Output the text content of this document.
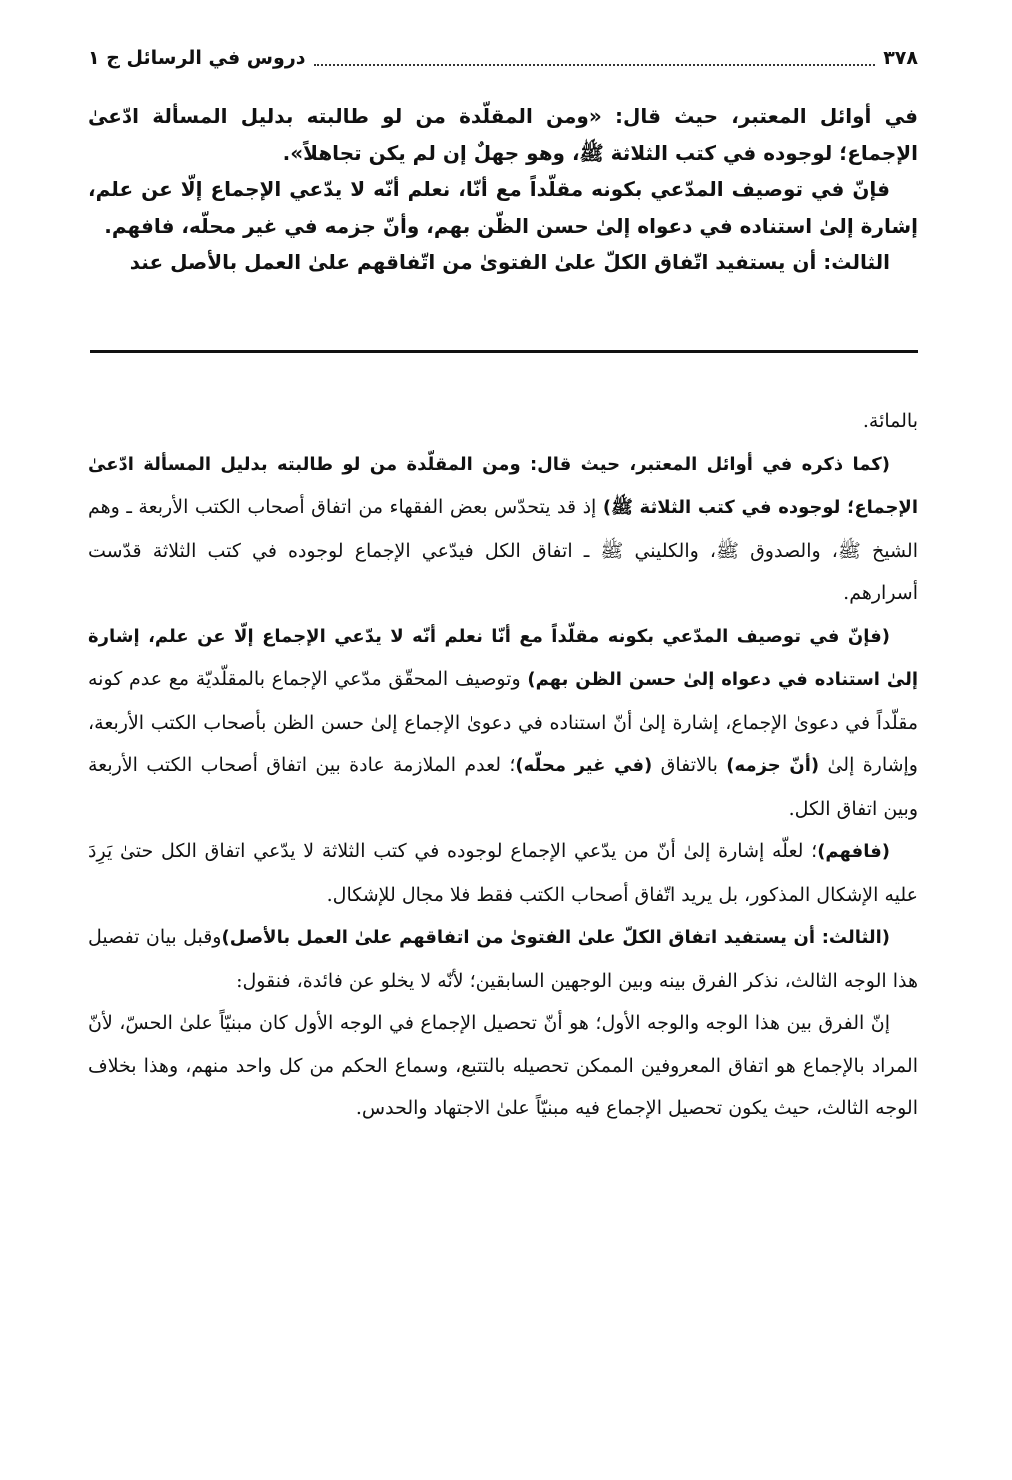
٣٧٨
دروس في الرسائل ج ١

في أوائل المعتبر، حيث قال: «ومن المقلّدة من لو طالبته بدليل المسألة ادّعىٰ الإجماع؛ لوجوده في كتب الثلاثة ﷺ، وهو جهلٌ إن لم يكن تجاهلاً».

فإنّ في توصيف المدّعي بكونه مقلّداً مع أنّا، نعلم أنّه لا يدّعي الإجماع إلّا عن علم، إشارة إلىٰ استناده في دعواه إلىٰ حسن الظّن بهم، وأنّ جزمه في غير محلّه، فافهم.

الثالث: أن يستفيد اتّفاق الكلّ علىٰ الفتوىٰ من اتّفاقهم علىٰ العمل بالأصل عند

بالمائة.

(كما ذكره في أوائل المعتبر، حيث قال: ومن المقلّدة من لو طالبته بدليل المسألة ادّعىٰ الإجماع؛ لوجوده في كتب الثلاثة ﷺ) إذ قد يتحدّس بعض الفقهاء من اتفاق أصحاب الكتب الأربعة ـ وهم الشيخ ﷺ، والصدوق ﷺ، والكليني ﷺ ـ اتفاق الكل فيدّعي الإجماع لوجوده في كتب الثلاثة قدّست أسرارهم.

(فإنّ في توصيف المدّعي بكونه مقلّداً مع أنّا نعلم أنّه لا يدّعي الإجماع إلّا عن علم، إشارة إلىٰ استناده في دعواه إلىٰ حسن الظن بهم) وتوصيف المحقّق مدّعي الإجماع بالمقلّديّة مع عدم كونه مقلّداً في دعوىٰ الإجماع، إشارة إلىٰ أنّ استناده في دعوىٰ الإجماع إلىٰ حسن الظن بأصحاب الكتب الأربعة، وإشارة إلىٰ (أنّ جزمه) بالاتفاق (في غير محلّه)؛ لعدم الملازمة عادة بين اتفاق أصحاب الكتب الأربعة وبين اتفاق الكل.

(فافهم)؛ لعلّه إشارة إلىٰ أنّ من يدّعي الإجماع لوجوده في كتب الثلاثة لا يدّعي اتفاق الكل حتىٰ يَرِدَ عليه الإشكال المذكور، بل يريد اتّفاق أصحاب الكتب فقط فلا مجال للإشكال.

(الثالث: أن يستفيد اتفاق الكلّ علىٰ الفتوىٰ من اتفاقهم علىٰ العمل بالأصل)وقبل بيان تفصيل هذا الوجه الثالث، نذكر الفرق بينه وبين الوجهين السابقين؛ لأنّه لا يخلو عن فائدة، فنقول:

إنّ الفرق بين هذا الوجه والوجه الأول؛ هو أنّ تحصيل الإجماع في الوجه الأول كان مبنيّاً علىٰ الحسّ، لأنّ المراد بالإجماع هو اتفاق المعروفين الممكن تحصيله بالتتبع، وسماع الحكم من كل واحد منهم، وهذا بخلاف الوجه الثالث، حيث يكون تحصيل الإجماع فيه مبنيّاً علىٰ الاجتهاد والحدس.
